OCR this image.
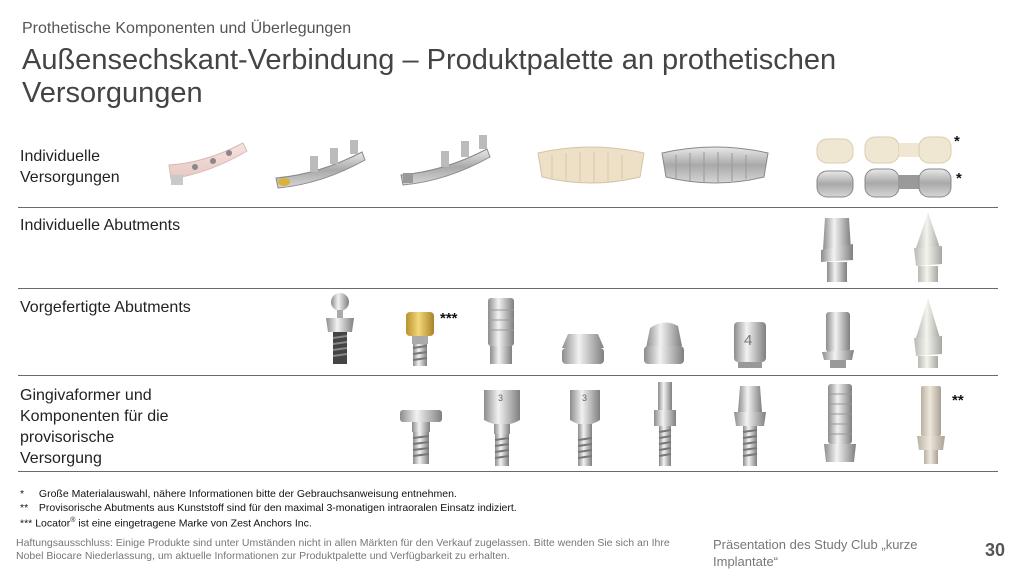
Prothetische Komponenten und Überlegungen
Außensechskant-Verbindung – Produktpalette an prothetischen Versorgungen
Individuelle Versorgungen
Individuelle Abutments
Vorgefertigte Abutments
Gingivaformer und Komponenten für die provisorische Versorgung
*
*
***
4
3	3	**
* Große Materialauswahl, nähere Informationen bitte der Gebrauchsanweisung entnehmen.
** Provisorische Abutments aus Kunststoff sind für den maximal 3-monatigen intraoralen Einsatz indiziert.
*** Locator® ist eine eingetragene Marke von Zest Anchors Inc.
Haftungsausschluss: Einige Produkte sind unter Umständen nicht in allen Märkten für den Verkauf zugelassen. Bitte wenden Sie sich an Ihre Nobel Biocare Niederlassung, um aktuelle Informationen zur Produktpalette und Verfügbarkeit zu erhalten.
Präsentation des Study Club „kurze Implantate“
30
